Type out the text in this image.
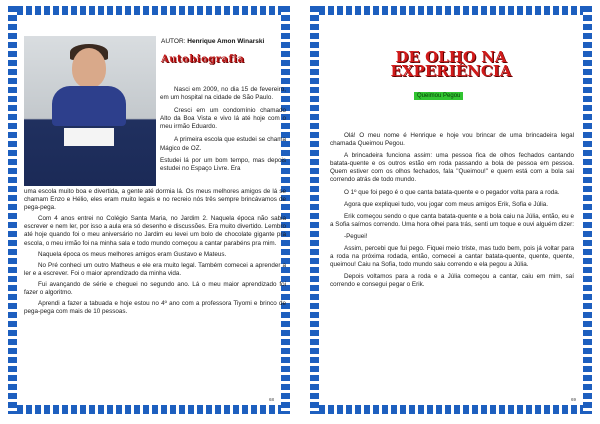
AUTOR: Henrique Amon Winarski
Autobiografia

Nasci em 2009, no dia 15 de fevereiro, em um hospital na cidade de São Paulo.

Cresci em um condomínio chamado Alto da Boa Vista e vivo lá até hoje com o meu irmão Eduardo.

A primeira escola que estudei se chama Mágico de OZ.

Estudei lá por um bom tempo, mas depois estudei no Espaço Livre. Era

uma escola muito boa e divertida, a gente até dormia lá. Os meus melhores amigos de lá se chamam Enzo e Hélio, eles eram muito legais e no recreio nós três sempre brincávamos de pega-pega.

Com 4 anos entrei no Colégio Santa Maria, no Jardim 2. Naquela época não sabia escrever e nem ler, por isso a aula era só desenho e discussões. Era muito divertido. Lembro até hoje quando foi o meu aniversário no Jardim eu levei um bolo de chocolate gigante pra escola, o meu irmão foi na minha sala e todo mundo começou a cantar parabéns pra mim.

Naquela época os meus melhores amigos eram Gustavo e Mateus.

No Pré conheci um outro Matheus e ele era muito legal. Também comecei a aprender a ler e a escrever. Foi o maior aprendizado da minha vida.

Fui avançando de série e cheguei no segundo ano. Lá o meu maior aprendizado foi fazer o algoritmo.

Aprendi a fazer a tabuada e hoje estou no 4º ano com a professora Tiyomi e brinco de pega-pega com mais de 10 pessoas.

68
DE OLHO NA
EXPERIÊNCIA
Queimou Pegou

Olá! O meu nome é Henrique e hoje vou brincar de uma brincadeira legal chamada Queimou Pegou.

A brincadeira funciona assim: uma pessoa fica de olhos fechados cantando batata-quente e os outros estão em roda passando a bola de pessoa em pessoa. Quem estiver com os olhos fechados, fala "Queimou!" e quem está com a bola sai correndo atrás de todo mundo.

O 1º que foi pego é o que canta batata-quente e o pegador volta para a roda.

Agora que expliquei tudo, vou jogar com meus amigos Erik, Sofia e Júlia.

Erik começou sendo o que canta batata-quente e a bola caiu na Júlia, então, eu e a Sofia saímos correndo. Uma hora olhei para trás, senti um toque e ouvi alguém dizer:

-Peguei!

Assim, percebi que fui pego. Fiquei meio triste, mas tudo bem, pois já voltar para a roda na próxima rodada, então, comecei a cantar batata-quente, quente, quente, queimou! Caiu na Sofia, todo mundo saiu correndo e ela pegou a Júlia.

Depois voltamos para a roda e a Júlia começou a cantar, caiu em mim, saí correndo e consegui pegar o Erik.

69
